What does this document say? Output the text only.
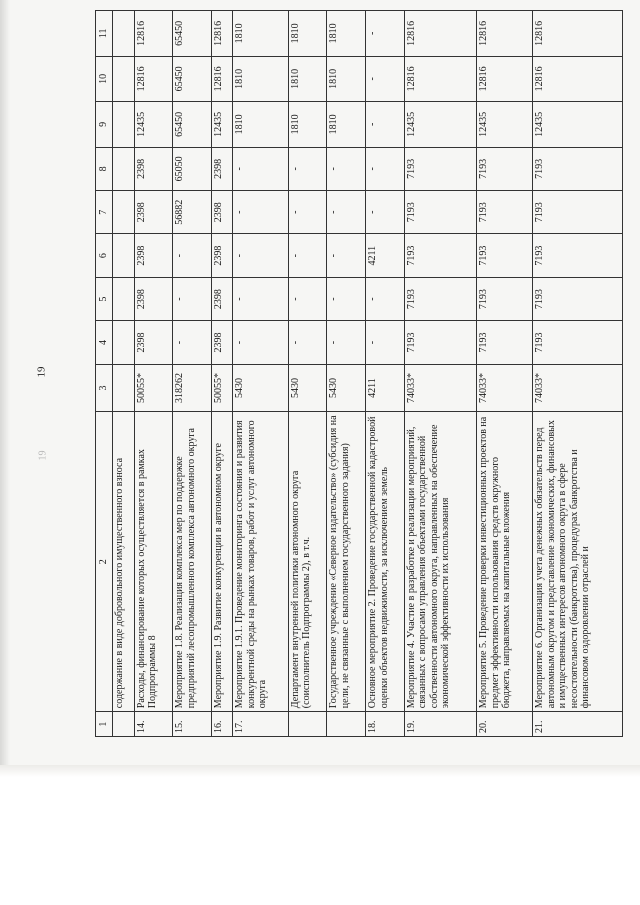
19
19
1	2	3	4	5	6	7	8	9	10	11
	содержание в виде добровольного имущественного взноса									
14.	Расходы, финансирование которых осуществляется в рамках Подпрограммы 8	50055*	2398	2398	2398	2398	2398	12435	12816	12816
15.	Мероприятие 1.8. Реализация комплекса мер по поддержке предприятий лесопромышленного комплекса автономного округа	318262	-	-	-	56882	65050	65450	65450	65450
16.	Мероприятие 1.9. Развитие конкуренции в автономном округе	50055*	2398	2398	2398	2398	2398	12435	12816	12816
17.	Мероприятие 1.9.1. Проведение мониторинга состояния и развития конкурентной среды на рынках товаров, работ и услуг автономного округа	5430	-	-	-	-	-	1810	1810	1810
	Департамент внутренней политики автономного округа (соисполнитель Подпрограммы 2), в т.ч.	5430	-	-	-	-	-	1810	1810	1810
	Государственное учреждение «Северное издательство» (субсидия на цели, не связанные с выполнением государственного задания)	5430	-	-	-	-	-	1810	1810	1810
18.	Основное мероприятие 2. Проведение государственной кадастровой оценки объектов недвижимости, за исключением земель	4211	-	-	4211	-	-	-	-	-
19.	Мероприятие 4. Участие в разработке и реализации мероприятий, связанных с вопросами управления объектами государственной собственности автономного округа, направленных на обеспечение экономической эффективности их использования	74033*	7193	7193	7193	7193	7193	12435	12816	12816
20.	Мероприятие 5. Проведение проверки инвестиционных проектов на предмет эффективности использования средств окружного бюджета, направляемых на капитальные вложения	74033*	7193	7193	7193	7193	7193	12435	12816	12816
21.	Мероприятие 6. Организация учета денежных обязательств перед автономным округом и представление экономических, финансовых и имущественных интересов автономного округа в сфере несостоятельности (банкротства), процедурах банкротства и финансовом оздоровлении отраслей и	74033*	7193	7193	7193	7193	7193	12435	12816	12816
